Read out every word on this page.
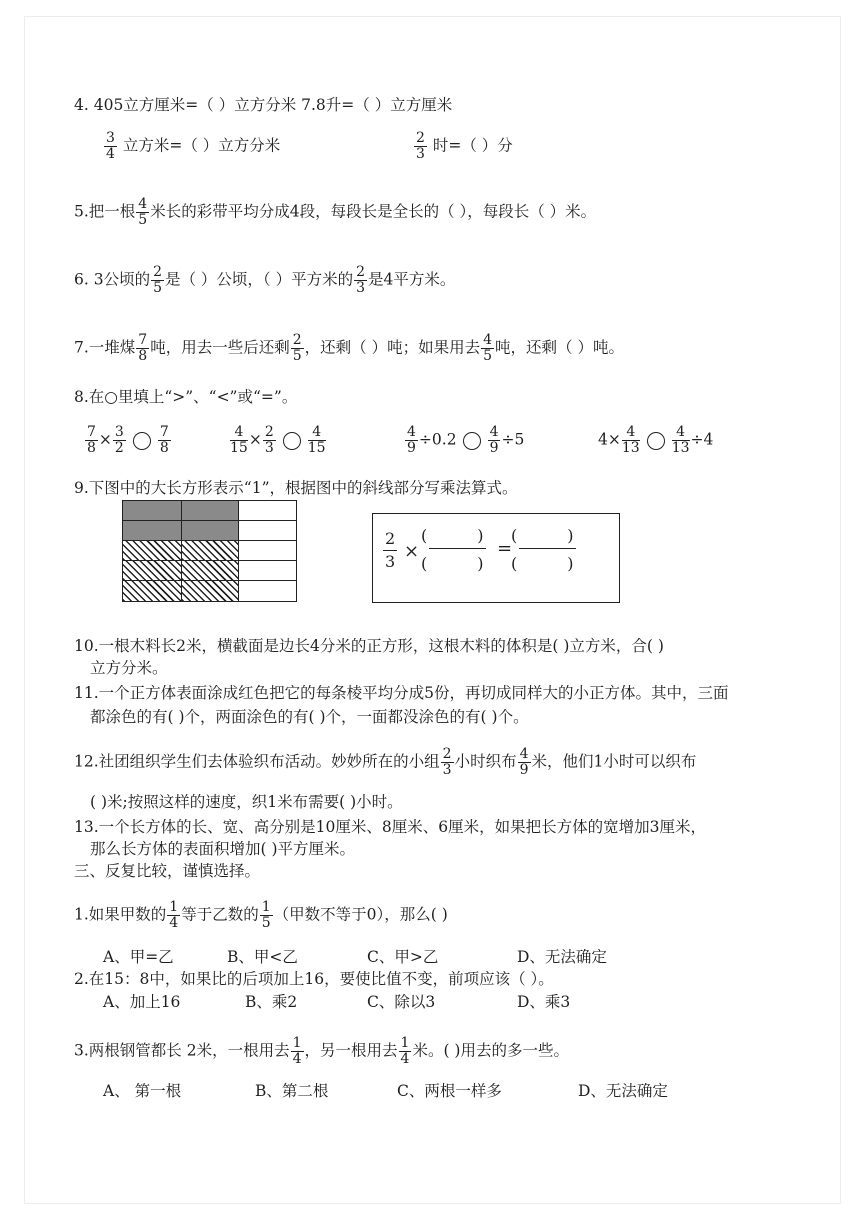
4. 405立方厘米=（ ）立方分米 7.8升=（ ）立方厘米
$\frac{3}{4}$ 立方米=（ ）立方分米	$\frac{2}{3}$ 时=（ ）分
5.把一根 $\frac{4}{5}$ 米长的彩带平均分成4段，每段长是全长的（ ），每段长（ ）米。
6. 3公顷的 $\frac{2}{5}$ 是（ ）公顷，（ ）平方米的 $\frac{2}{3}$ 是4平方米。
7.一堆煤 $\frac{7}{8}$ 吨，用去一些后还剩 $\frac{2}{5}$ ，还剩（ ）吨；如果用去 $\frac{4}{5}$ 吨，还剩（ ）吨。
8.在○里填上“>”、“<”或“=”。
$\frac{7}{8} \times \frac{3}{2} \frac{7}{8}$	$\frac{4}{15} \times \frac{2}{3} \frac{4}{15}$	$\frac{4}{9} \div 0.2 \frac{4}{9} \div 5$	$4\times \frac{4}{13} \frac{4}{13} \div 4$
9.下图中的大长方形表示“1”，根据图中的斜线部分写乘法算式。
$\frac{2}{3}$ ×
(	)
(	)
=
(	)
(	)
10.一根木料长2米，横截面是边长4分米的正方形，这根木料的体积是( )立方米，合( )
立方分米。
11.一个正方体表面涂成红色把它的每条棱平均分成5份，再切成同样大的小正方体。其中，三面
都涂色的有( )个，两面涂色的有( )个，一面都没涂色的有( )个。
12.社团组织学生们去体验织布活动。妙妙所在的小组 $\frac{2}{3}$ 小时织布 $\frac{4}{9}$ 米，他们1小时可以织布
( )米;按照这样的速度，织1米布需要( )小时。
13.一个长方体的长、宽、高分别是10厘米、8厘米、6厘米，如果把长方体的宽增加3厘米，
那么长方体的表面积增加( )平方厘米。
三、反复比较，谨慎选择。
1.如果甲数的 $\frac{1}{4}$ 等于乙数的 $\frac{1}{5}$ （甲数不等于0），那么( )
A、甲=乙	B、甲<乙	C、甲>乙	D、无法确定
2.在15：8中，如果比的后项加上16，要使比值不变，前项应该（ ）。
A、加上16	B、乘2	C、除以3	D、乘3
3.两根钢管都长 2米，一根用去 $\frac{1}{4}$ ，另一根用去 $\frac{1}{4}$ 米。( )用去的多一些。
A、 第一根	B、第二根	C、两根一样多	D、无法确定
